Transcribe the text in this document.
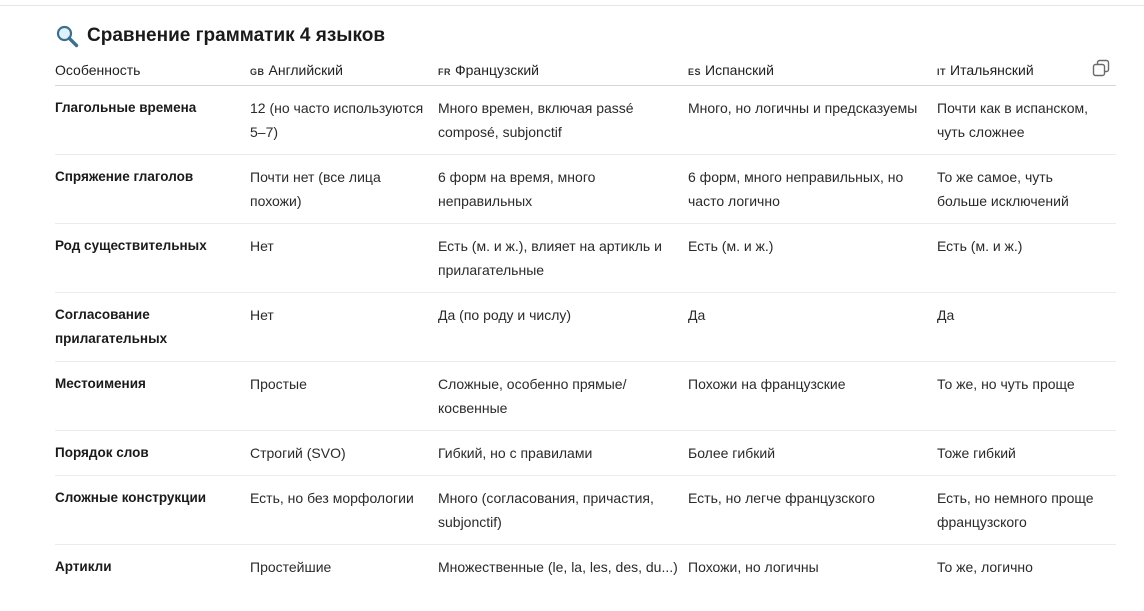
Сравнение грамматик 4 языков
Особенность	GB Английский	FR Французский	ES Испанский	IT Итальянский
Глагольные времена	12 (но часто используются 5–7)	Много времен, включая passé composé, subjonctif	Много, но логичны и предсказуемы	Почти как в испанском, чуть сложнее
Спряжение глаголов	Почти нет (все лица похожи)	6 форм на время, много неправильных	6 форм, много неправильных, но часто логично	То же самое, чуть больше исключений
Род существительных	Нет	Есть (м. и ж.), влияет на артикль и прилагательные	Есть (м. и ж.)	Есть (м. и ж.)
Согласование прилагательных	Нет	Да (по роду и числу)	Да	Да
Местоимения	Простые	Сложные, особенно прямые/косвенные	Похожи на французские	То же, но чуть проще
Порядок слов	Строгий (SVO)	Гибкий, но с правилами	Более гибкий	Тоже гибкий
Сложные конструкции	Есть, но без морфологии	Много (согласования, причастия, subjonctif)	Есть, но легче французского	Есть, но немного проще французского
Артикли	Простейшие	Множественные (le, la, les, des, du...)	Похожи, но логичны	То же, логично
